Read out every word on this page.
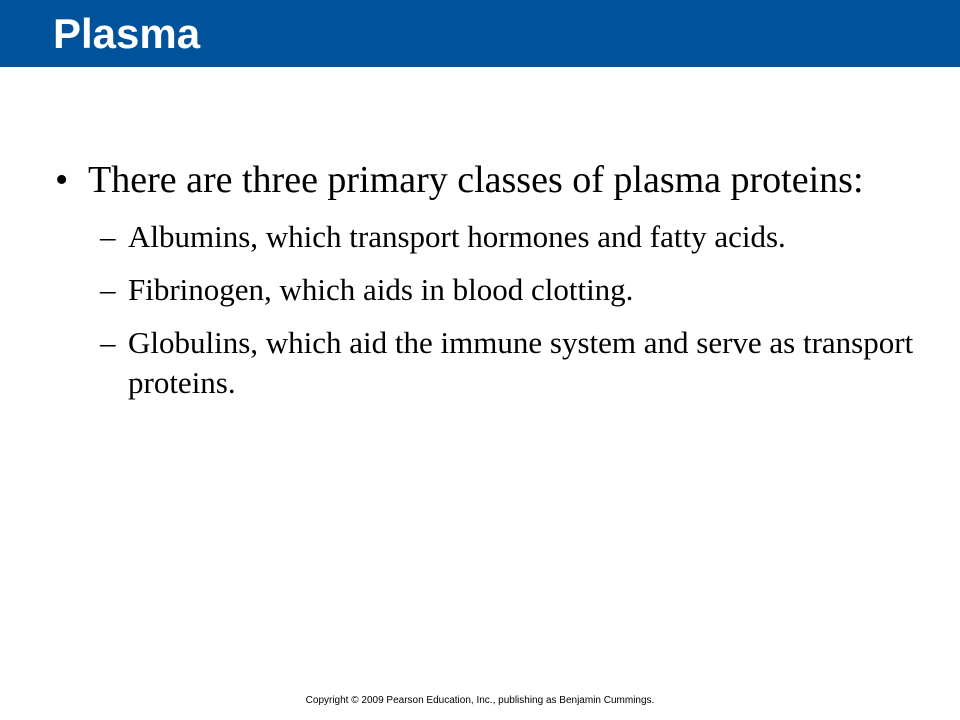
Plasma

• There are three primary classes of plasma proteins:

– Albumins, which transport hormones and fatty acids.

– Fibrinogen, which aids in blood clotting.

– Globulins, which aid the immune system and serve as transport proteins.

Copyright © 2009 Pearson Education, Inc., publishing as Benjamin Cummings.
